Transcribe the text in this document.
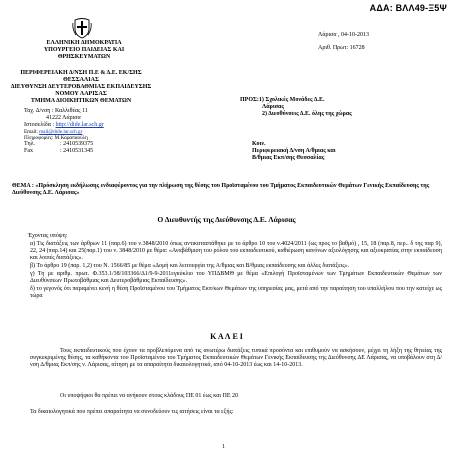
ΑΔΑ: ΒΛΛ49-Ξ5Ψ
ΕΛΛΗΝΙΚΗ ΔΗΜΟΚΡΑΤΙΑ
ΥΠΟΥΡΓΕΙΟ ΠΑΙΔΕΙΑΣ ΚΑΙ
ΘΡΗΣΚΕΥΜΑΤΩΝ
ΠΕΡΙΦΕΡΕΙΑΚΗ Δ/ΝΣΗ Π.Ε & Δ.Ε. ΕΚ/ΣΗΣ
ΘΕΣΣΑΛΙΑΣ
ΔΙΕΥΘΥΝΣΗ ΔΕΥΤΕΡΟΒΑΘΜΙΑΣ ΕΚΠΑΙΔΕΥΣΗΣ
ΝΟΜΟΥ ΛΑΡΙΣΑΣ
ΤΜΗΜΑ ΔΙΟΙΚΗΤΙΚΩΝ ΘΕΜΑΤΩΝ
Ταχ. Δ/νση : Καλλιθέας 11
41222 Λάρισα
Ιστοσελίδα : http://dide.lar.sch.gr
Email: mail@dide.lar.sch.gr
Πληροφορίες: Μ.Καραπαούλη
Τηλ.	: 2410539375
Fax	: 2410531345
Λάρισα , 04-10-2013
Αριθ. Πρωτ: 16728
ΠΡΟΣ:1) Σχολικές Μονάδες Δ.Ε.
Λάρισας
2) Διευθύνσεις Δ.Ε. όλης της χώρας
Κοιν.
Περιφερειακή Δ/νση Α/θμιας και
Β/θμιας Εκπ/σης Θεσσαλίας
ΘΕΜΑ : «Πρόσκληση εκδήλωσης ενδιαφέροντος για την πλήρωση της θέσης του Προϊσταμένου του Τμήματος Εκπαιδευτικών Θεμάτων Γενικής Εκπαίδευσης της Διεύθυνσης Δ.Ε. Λάρισας»
Ο Διευθυντής της Διεύθυνσης Δ.Ε. Λάρισας
Έχοντας υπόψη:
α) Τις διατάξεις των άρθρων 11 (παρ.6) του ν.3848/2010 όπως αντικαταστάθηκε με το άρθρο 10 του ν.4024/2011 (ως προς το βαθμό) , 15, 18 (παρ.8, περ.. δ της παρ 9), 22, 24 (παρ.14) και 25(παρ.1) του ν. 3848/2010 με θέμα: «Αναβάθμιση του ρόλου του εκπαιδευτικού, καθιέρωση κανόνων αξιολόγησης και αξιοκρατίας στην εκπαίδευση και λοιπές διατάξεις».
β) Το άρθρο 19 (παρ. 1,2) του Ν. 1566/85 με θέμα «Δομή και λειτουργία της Α/θμιας και Β/θμιας εκπαίδευσης και άλλες διατάξεις».
γ) Τη με αριθμ. πρωτ. Φ.353.1/38/103366/Δ1/9-9-2011εγκύκλιο του ΥΠΔΒΜΘ με θέμα «Επιλογή Προϊσταμένων των Τμημάτων Εκπαιδευτικών Θεμάτων των Διευθύνσεων Πρωτοβάθμιας και Δευτεροβάθμιας Εκπαίδευσης».
δ) το γεγονός ότι παραμένει κενή η θέση Προϊσταμένου του Τμήματος Εκπ/κων Θεμάτων της υπηρεσίας μας, μετά από την παραίτηση του υπαλλήλου που την κατείχε ως τώρα
Κ Α Λ Ε Ι
Τους εκπαιδευτικούς που έχουν τα προβλεπόμενα από τις ανωτέρω διατάξεις τυπικά προσόντα και επιθυμούν να ασκήσουν, μέχρι τη λήξη της θητείας της συγκεκριμένης θέσης, τα καθήκοντα του Προϊσταμένου του Τμήματος Εκπαιδευτικών Θεμάτων Γενικής Εκπαίδευσης της Διεύθυνσης ΔΕ Λάρισας, να υποβάλουν στη Δ/νση Δ/θμιας Εκπ/σης ν. Λάρισας, αίτηση με τα απαραίτητα δικαιολογητικά, από 04-10-2013 έως και 14-10-2013.
Οι υποψήφιοι θα πρέπει να ανήκουν στους κλάδους ΠΕ 01 έως και ΠΕ 20
Τα δικαιολογητικά που πρέπει απαραίτητα να συνοδεύουν τις αιτήσεις είναι τα εξής:
1
